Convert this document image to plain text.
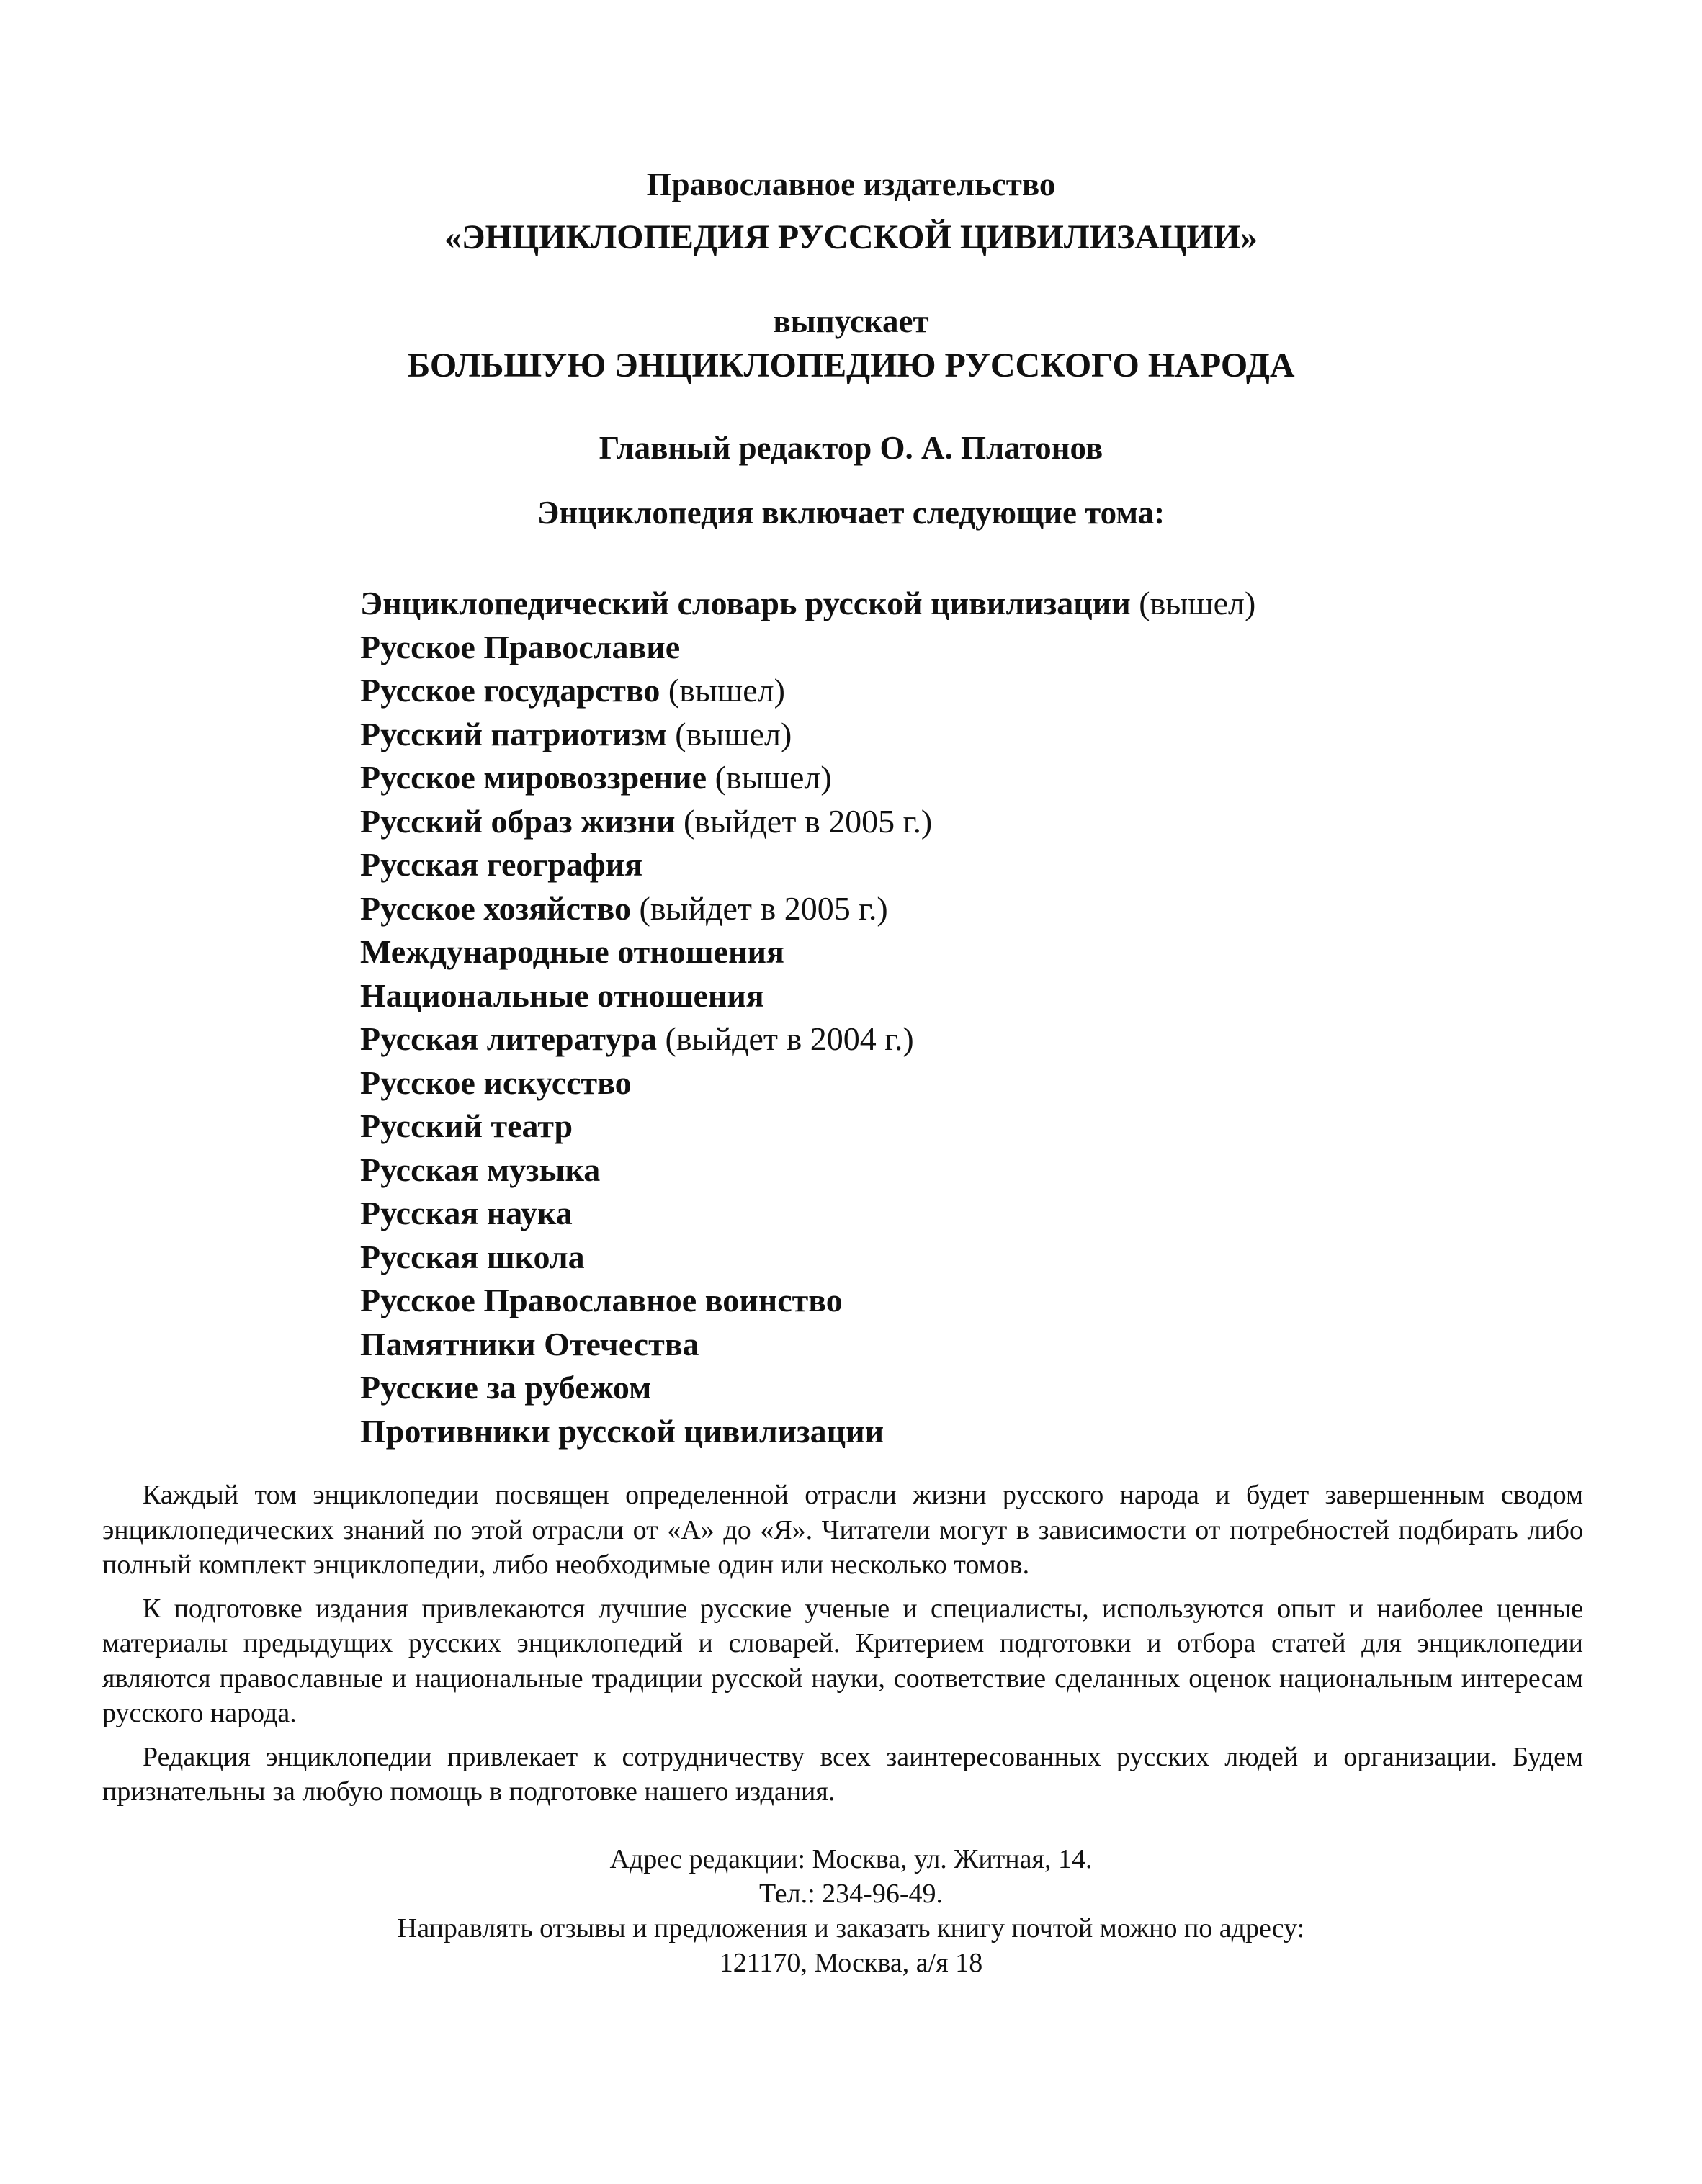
Православное издательство
«ЭНЦИКЛОПЕДИЯ РУССКОЙ ЦИВИЛИЗАЦИИ»
выпускает
БОЛЬШУЮ ЭНЦИКЛОПЕДИЮ РУССКОГО НАРОДА
Главный редактор О. А. Платонов
Энциклопедия включает следующие тома:
Энциклопедический словарь русской цивилизации (вышел)
Русское Православие
Русское государство (вышел)
Русский патриотизм (вышел)
Русское мировоззрение (вышел)
Русский образ жизни (выйдет в 2005 г.)
Русская география
Русское хозяйство (выйдет в 2005 г.)
Международные отношения
Национальные отношения
Русская литература (выйдет в 2004 г.)
Русское искусство
Русский театр
Русская музыка
Русская наука
Русская школа
Русское Православное воинство
Памятники Отечества
Русские за рубежом
Противники русской цивилизации

Каждый том энциклопедии посвящен определенной отрасли жизни русского народа и будет завершенным сводом энциклопедических знаний по этой отрасли от «А» до «Я». Читатели могут в зависимости от потребностей подбирать либо полный комплект энциклопедии, либо необходимые один или несколько томов.

К подготовке издания привлекаются лучшие русские ученые и специалисты, используются опыт и наиболее ценные материалы предыдущих русских энциклопедий и словарей. Критерием подготовки и отбора статей для энциклопедии являются православные и национальные традиции русской науки, соответствие сделанных оценок национальным интересам русского народа.

Редакция энциклопедии привлекает к сотрудничеству всех заинтересованных русских людей и организации. Будем признательны за любую помощь в подготовке нашего издания.

Адрес редакции: Москва, ул. Житная, 14.
Тел.: 234-96-49.
Направлять отзывы и предложения и заказать книгу почтой можно по адресу:
121170, Москва, а/я 18
